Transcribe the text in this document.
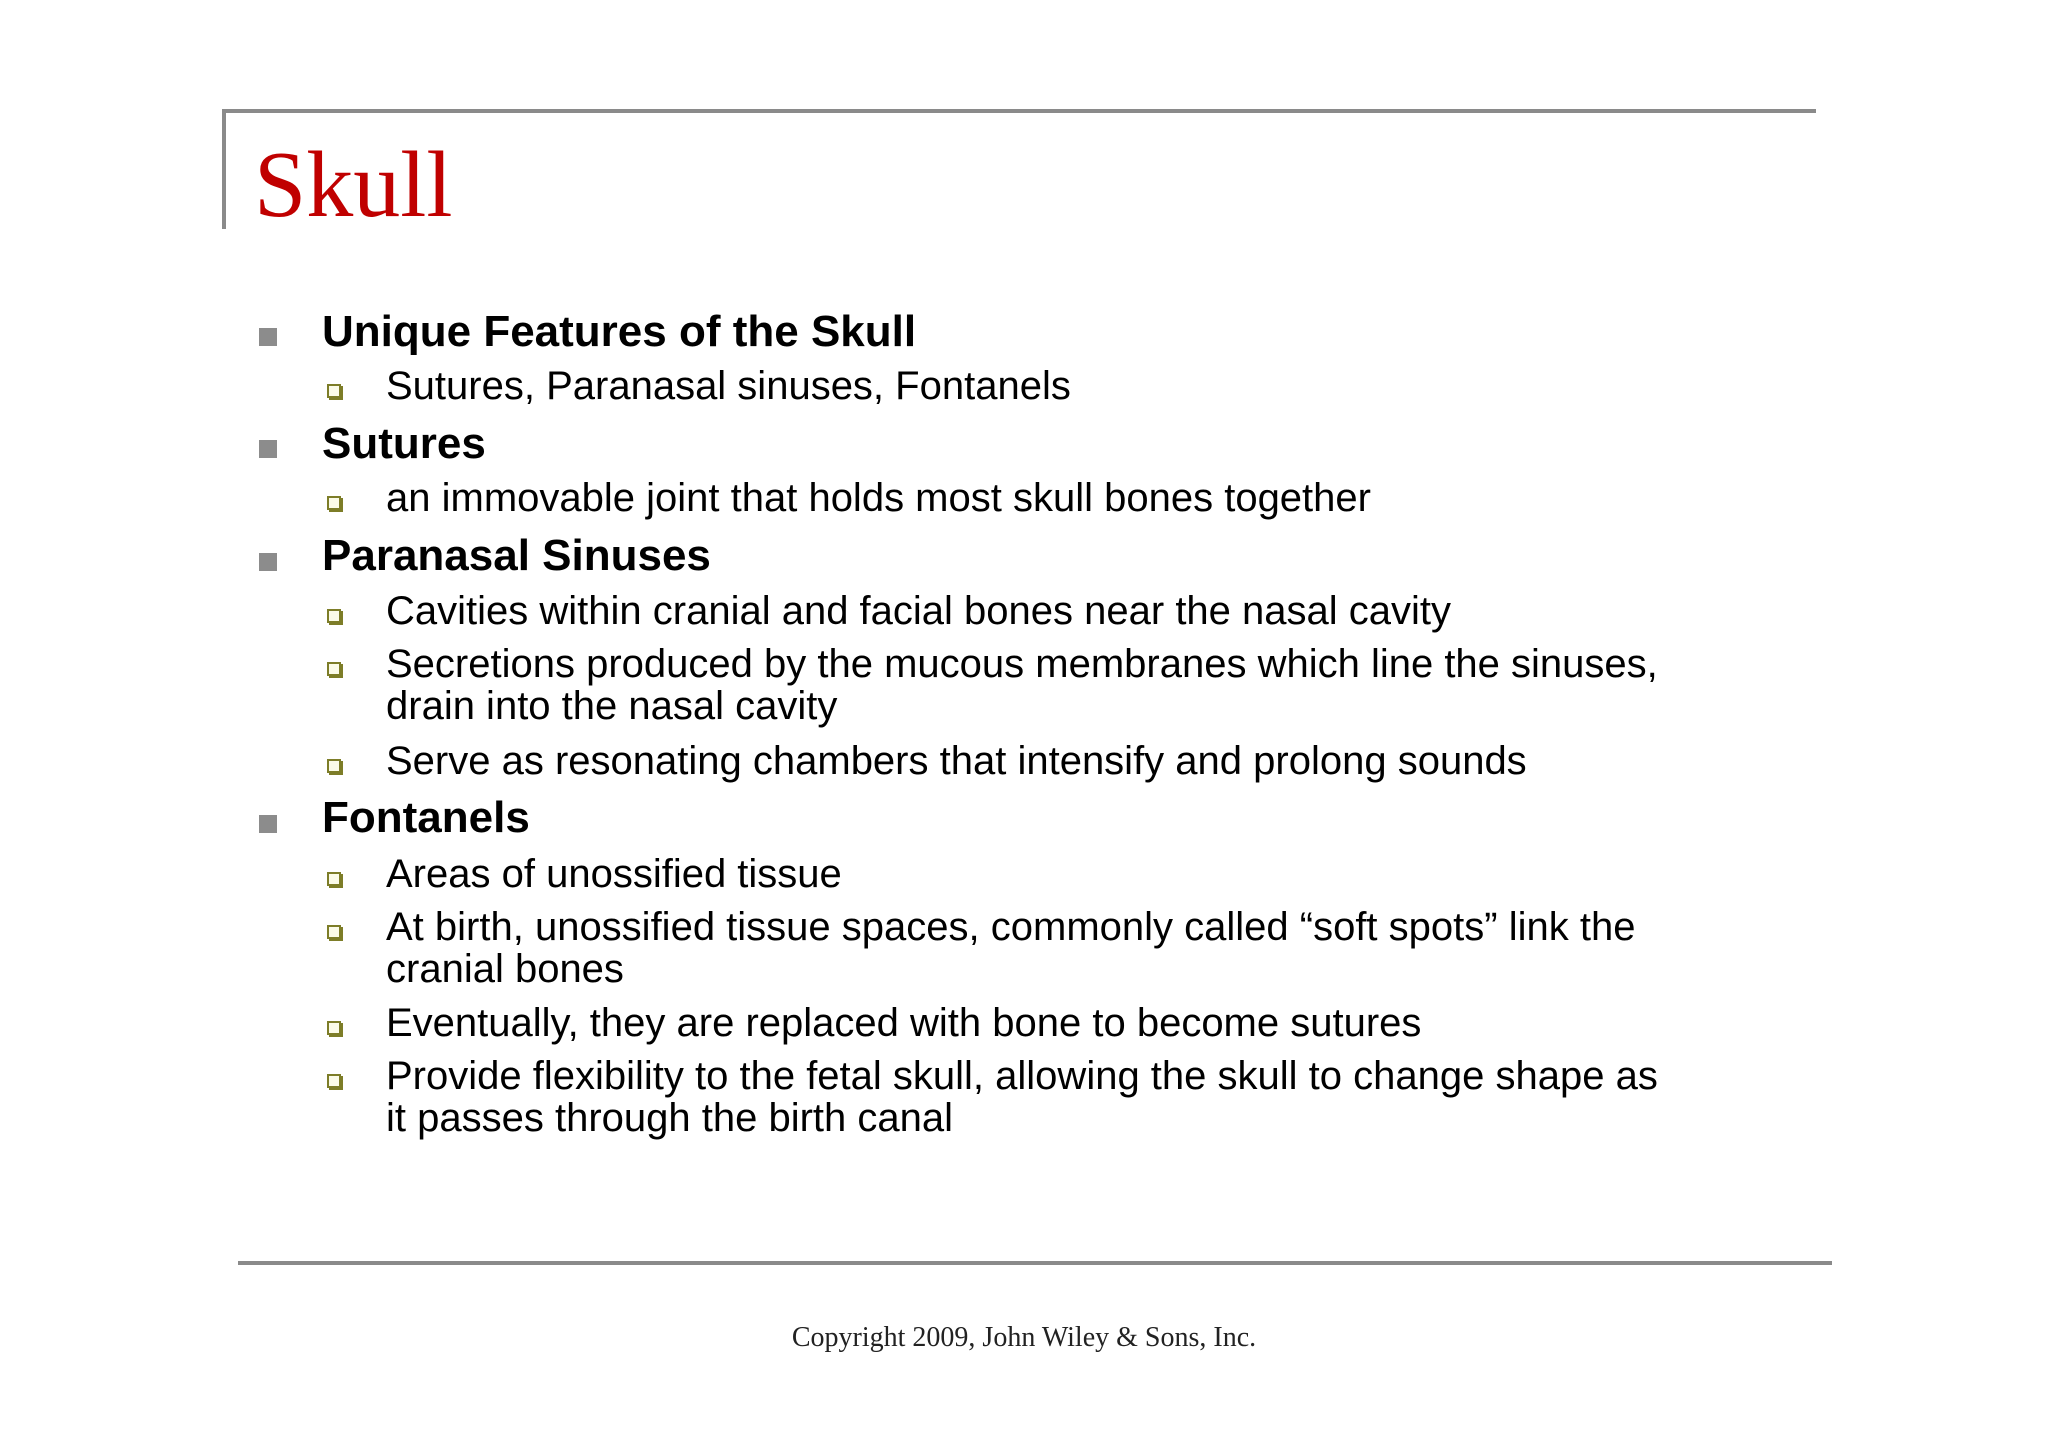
Skull
Unique Features of the Skull
Sutures, Paranasal sinuses, Fontanels
Sutures
an immovable joint that holds most skull bones together
Paranasal Sinuses
Cavities within cranial and facial bones near the nasal cavity
Secretions produced by the mucous membranes which line the sinuses,
drain into the nasal cavity
Serve as resonating chambers that intensify and prolong sounds
Fontanels
Areas of unossified tissue
At birth, unossified tissue spaces, commonly called “soft spots” link the
cranial bones
Eventually, they are replaced with bone to become sutures
Provide flexibility to the fetal skull, allowing the skull to change shape as
it passes through the birth canal
Copyright 2009, John Wiley & Sons, Inc.
